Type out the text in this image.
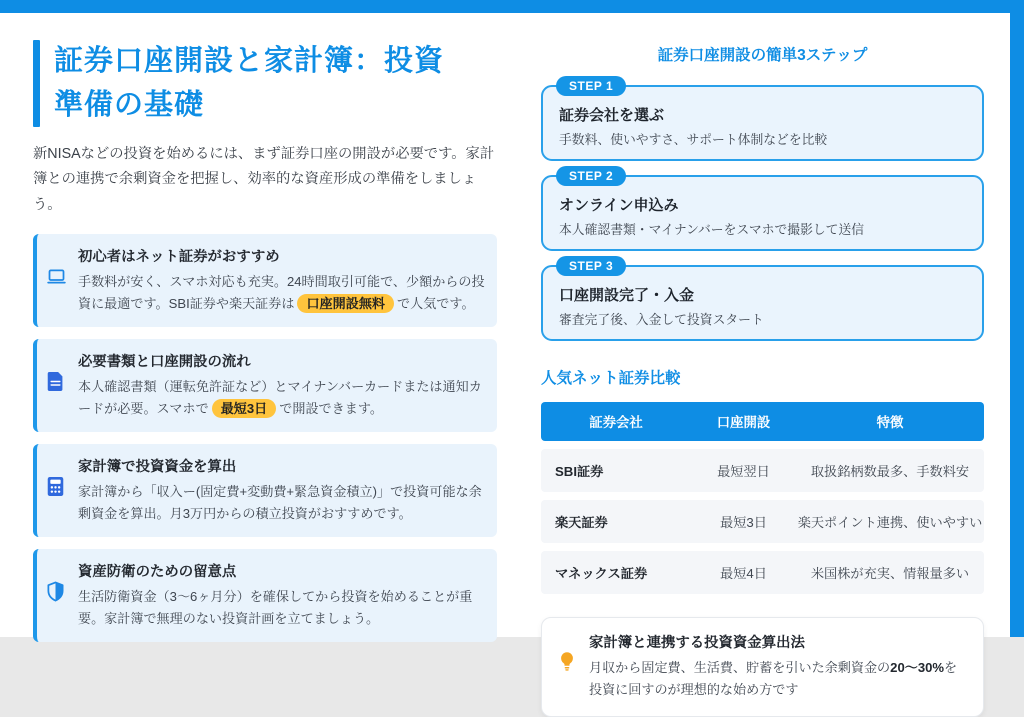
証券口座開設と家計簿：投資
準備の基礎

新NISAなどの投資を始めるには、まず証券口座の開設が必要です。家計簿との連携で余剰資金を把握し、効率的な資産形成の準備をしましょう。

初心者はネット証券がおすすめ

手数料が安く、スマホ対応も充実。24時間取引可能で、少額からの投資に最適です。SBI証券や楽天証券は 口座開設無料 で人気です。

必要書類と口座開設の流れ

本人確認書類（運転免許証など）とマイナンバーカードまたは通知カードが必要。スマホで 最短3日 で開設できます。

家計簿で投資資金を算出

家計簿から「収入ー(固定費+変動費+緊急資金積立)」で投資可能な余剰資金を算出。月3万円からの積立投資がおすすめです。

資産防衛のための留意点

生活防衛資金（3〜6ヶ月分）を確保してから投資を始めることが重要。家計簿で無理のない投資計画を立てましょう。

証券口座開設の簡単3ステップ
STEP 1

証券会社を選ぶ

手数料、使いやすさ、サポート体制などを比較

STEP 2

オンライン申込み

本人確認書類・マイナンバーをスマホで撮影して送信

STEP 3

口座開設完了・入金

審査完了後、入金して投資スタート

人気ネット証券比較
証券会社	口座開設	特徴
SBI証券	最短翌日	取扱銘柄数最多、手数料安
楽天証券	最短3日	楽天ポイント連携、使いやすい
マネックス証券	最短4日	米国株が充実、情報量多い

家計簿と連携する投資資金算出法

月収から固定費、生活費、貯蓄を引いた余剰資金の20〜30%を投資に回すのが理想的な始め方です
